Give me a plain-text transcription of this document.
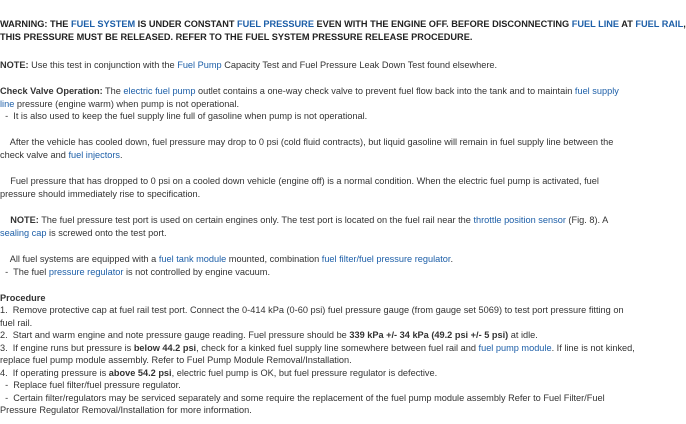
WARNING: THE FUEL SYSTEM IS UNDER CONSTANT FUEL PRESSURE EVEN WITH THE ENGINE OFF. BEFORE DISCONNECTING FUEL LINE AT FUEL RAIL,
THIS PRESSURE MUST BE RELEASED. REFER TO THE FUEL SYSTEM PRESSURE RELEASE PROCEDURE.
NOTE: Use this test in conjunction with the Fuel Pump Capacity Test and Fuel Pressure Leak Down Test found elsewhere.
Check Valve Operation: The electric fuel pump outlet contains a one-way check valve to prevent fuel flow back into the tank and to maintain fuel supply
line pressure (engine warm) when pump is not operational.
-  It is also used to keep the fuel supply line full of gasoline when pump is not operational.
After the vehicle has cooled down, fuel pressure may drop to 0 psi (cold fluid contracts), but liquid gasoline will remain in fuel supply line between the
check valve and fuel injectors.
Fuel pressure that has dropped to 0 psi on a cooled down vehicle (engine off) is a normal condition. When the electric fuel pump is activated, fuel
pressure should immediately rise to specification.
NOTE: The fuel pressure test port is used on certain engines only. The test port is located on the fuel rail near the throttle position sensor (Fig. 8). A
sealing cap is screwed onto the test port.
All fuel systems are equipped with a fuel tank module mounted, combination fuel filter/fuel pressure regulator.
-  The fuel pressure regulator is not controlled by engine vacuum.
Procedure
1.  Remove protective cap at fuel rail test port. Connect the 0-414 kPa (0-60 psi) fuel pressure gauge (from gauge set 5069) to test port pressure fitting on
fuel rail.
2.  Start and warm engine and note pressure gauge reading. Fuel pressure should be 339 kPa +/- 34 kPa (49.2 psi +/- 5 psi) at idle.
3.  If engine runs but pressure is below 44.2 psi, check for a kinked fuel supply line somewhere between fuel rail and fuel pump module. If line is not kinked,
replace fuel pump module assembly. Refer to Fuel Pump Module Removal/Installation.
4.  If operating pressure is above 54.2 psi, electric fuel pump is OK, but fuel pressure regulator is defective.
-  Replace fuel filter/fuel pressure regulator.
-  Certain filter/regulators may be serviced separately and some require the replacement of the fuel pump module assembly Refer to Fuel Filter/Fuel
Pressure Regulator Removal/Installation for more information.
